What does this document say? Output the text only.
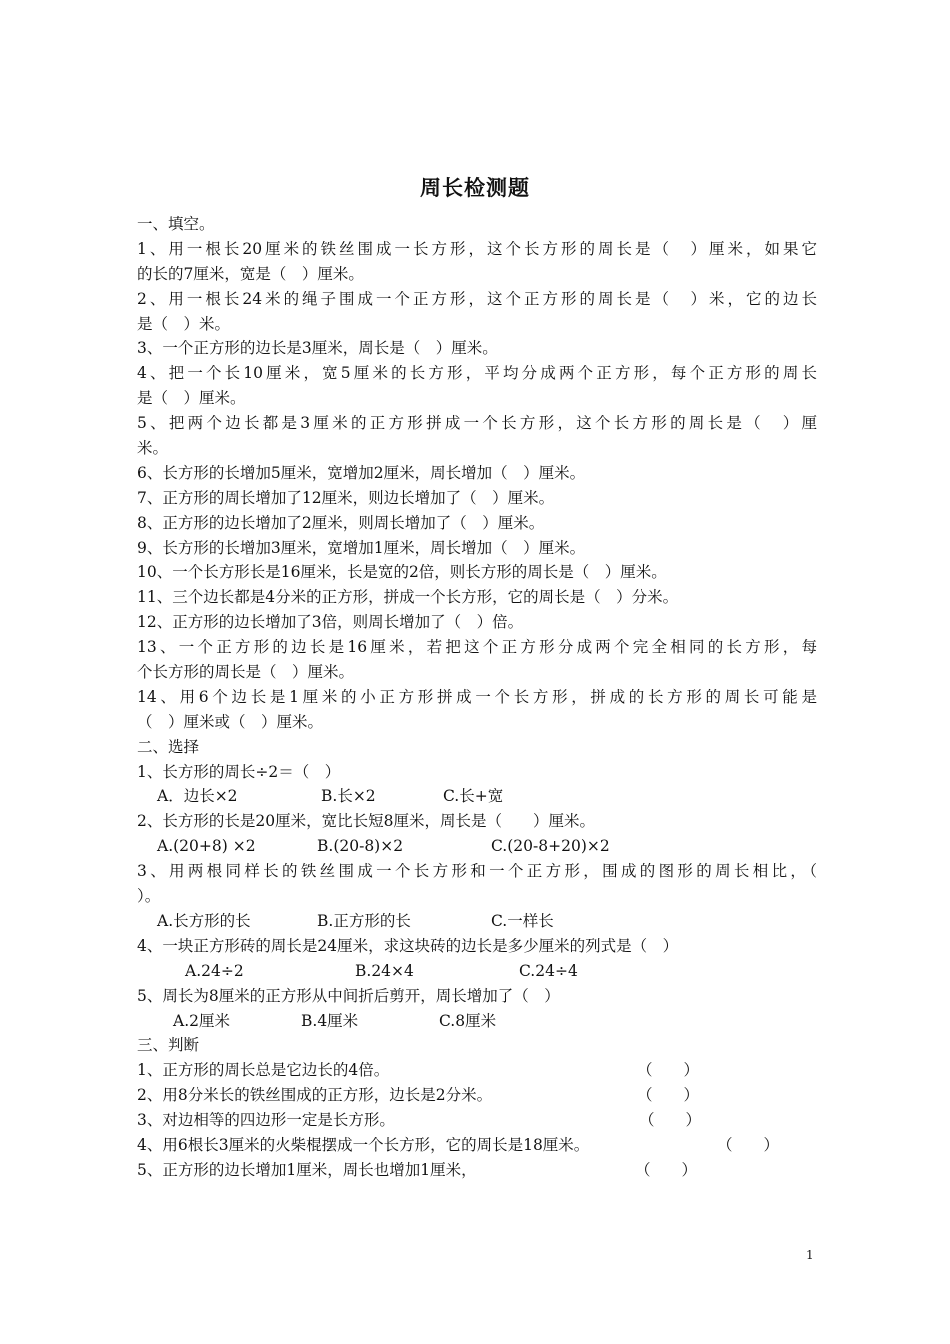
周长检测题
一、填空。
1、用一根长20厘米的铁丝围成一长方形，这个长方形的周长是（　）厘米，如果它
的长的7厘米，宽是（　）厘米。
2、用一根长24米的绳子围成一个正方形，这个正方形的周长是（　）米，它的边长
是（　）米。
3、一个正方形的边长是3厘米，周长是（　）厘米。
4、把一个长10厘米，宽5厘米的长方形，平均分成两个正方形，每个正方形的周长
是（　）厘米。
5、把两个边长都是3厘米的正方形拼成一个长方形，这个长方形的周长是（　）厘
米。
6、长方形的长增加5厘米，宽增加2厘米，周长增加（　）厘米。
7、正方形的周长增加了12厘米，则边长增加了（　）厘米。
8、正方形的边长增加了2厘米，则周长增加了（　）厘米。
9、长方形的长增加3厘米，宽增加1厘米，周长增加（　）厘米。
10、一个长方形长是16厘米，长是宽的2倍，则长方形的周长是（　）厘米。
11、三个边长都是4分米的正方形，拼成一个长方形，它的周长是（　）分米。
12、正方形的边长增加了3倍，则周长增加了（　）倍。
13、一个正方形的边长是16厘米，若把这个正方形分成两个完全相同的长方形，每
个长方形的周长是（　）厘米。
14、用6个边长是1厘米的小正方形拼成一个长方形，拼成的长方形的周长可能是
（　）厘米或（　）厘米。
二、选择
1、长方形的周长÷2＝（　）
A．边长×2	B.长×2	C.长+宽
2、长方形的长是20厘米，宽比长短8厘米，周长是（　　）厘米。
A.(20+8) ×2	B.(20-8)×2	C.(20-8+20)×2
3、用两根同样长的铁丝围成一个长方形和一个正方形，围成的图形的周长相比，（
）。
A.长方形的长	B.正方形的长	C.一样长
4、一块正方形砖的周长是24厘米，求这块砖的边长是多少厘米的列式是（　）
A.24÷2	B.24×4	C.24÷4
5、周长为8厘米的正方形从中间折后剪开，周长增加了（　）
A.2厘米	B.4厘米	C.8厘米
三、判断
1、正方形的周长总是它边长的4倍。	（　　）
2、用8分米长的铁丝围成的正方形，边长是2分米。	（　　）
3、对边相等的四边形一定是长方形。	（　　）
4、用6根长3厘米的火柴棍摆成一个长方形，它的周长是18厘米。	（　　）
5、正方形的边长增加1厘米，周长也增加1厘米，	（　　）
1
